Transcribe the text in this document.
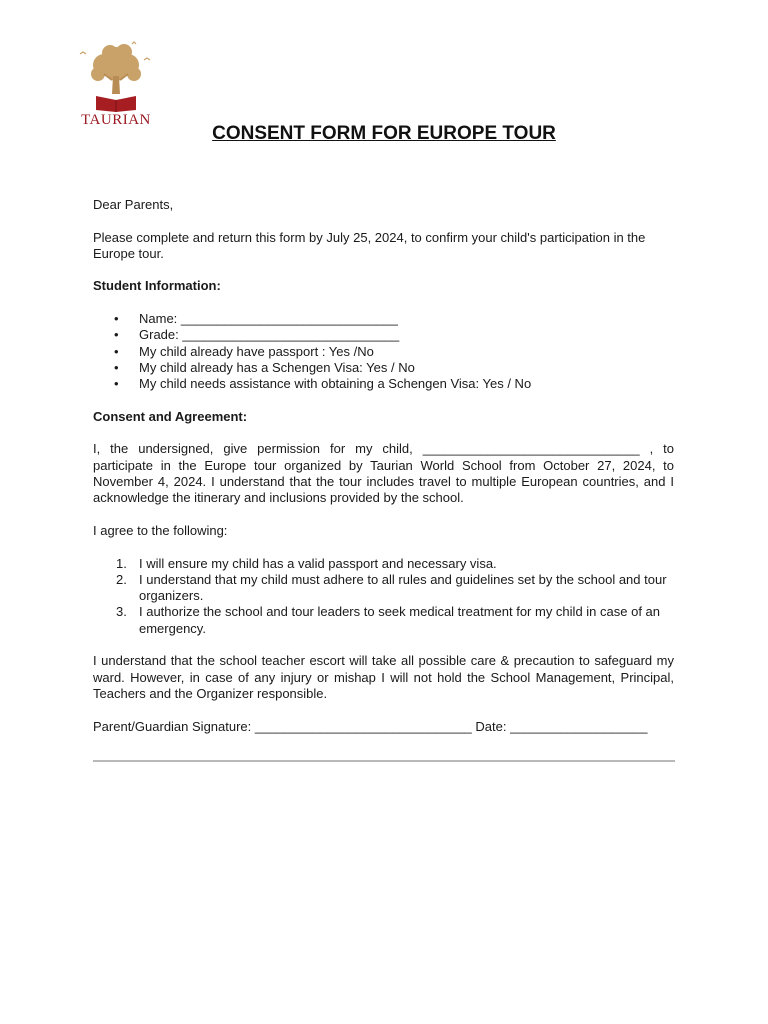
TAURIAN
CONSENT FORM FOR EUROPE TOUR

Dear Parents,

Please complete and return this form by July 25, 2024, to confirm your child's participation in the Europe tour.

Student Information:

• Name: ______________________________
• Grade: ______________________________
• My child already have passport : Yes /No
• My child already has a Schengen Visa: Yes / No
• My child needs assistance with obtaining a Schengen Visa: Yes / No

Consent and Agreement:

I, the undersigned, give permission for my child, ______________________________ , to participate in the Europe tour organized by Taurian World School from October 27, 2024, to November 4, 2024. I understand that the tour includes travel to multiple European countries, and I acknowledge the itinerary and inclusions provided by the school.

I agree to the following:

1. I will ensure my child has a valid passport and necessary visa.
2. I understand that my child must adhere to all rules and guidelines set by the school and tour organizers.
3. I authorize the school and tour leaders to seek medical treatment for my child in case of an emergency.

I understand that the school teacher escort will take all possible care & precaution to safeguard my ward. However, in case of any injury or mishap I will not hold the School Management, Principal, Teachers and the Organizer responsible.

Parent/Guardian Signature: ______________________________ Date: ___________________
